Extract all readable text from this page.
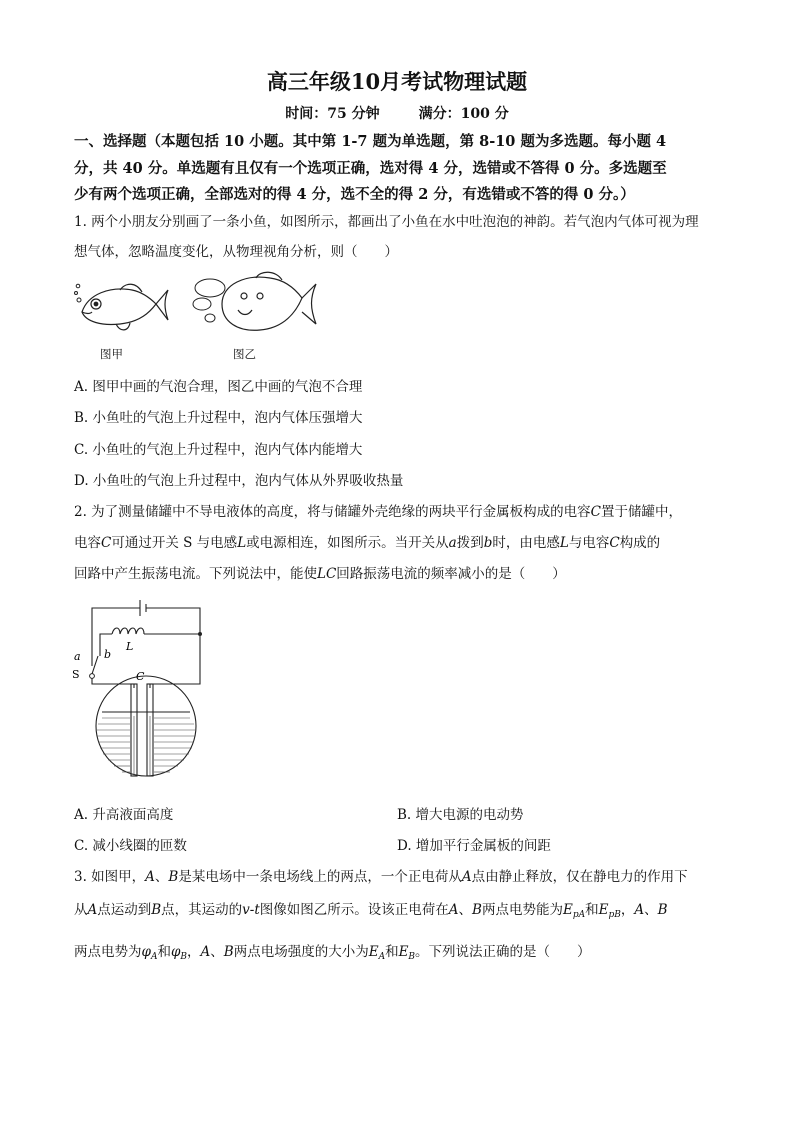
高三年级10月考试物理试题
时间：75 分钟        满分：100 分
一、选择题（本题包括 10 小题。其中第 1-7 题为单选题，第 8-10 题为多选题。每小题 4
分，共 40 分。单选题有且仅有一个选项正确，选对得 4 分，选错或不答得 0 分。多选题至
少有两个选项正确，全部选对的得 4 分，选不全的得 2 分，有选错或不答的得 0 分。）
1. 两个小朋友分别画了一条小鱼，如图所示，都画出了小鱼在水中吐泡泡的神韵。若气泡内气体可视为理
想气体，忽略温度变化，从物理视角分析，则（　　）
图甲	图乙
A. 图甲中画的气泡合理，图乙中画的气泡不合理
B. 小鱼吐的气泡上升过程中，泡内气体压强增大
C. 小鱼吐的气泡上升过程中，泡内气体内能增大
D. 小鱼吐的气泡上升过程中，泡内气体从外界吸收热量
2. 为了测量储罐中不导电液体的高度，将与储罐外壳绝缘的两块平行金属板构成的电容C置于储罐中，
电容C可通过开关 S 与电感L或电源相连，如图所示。当开关从a拨到b时，由电感L与电容C构成的
回路中产生振荡电流。下列说法中，能使LC回路振荡电流的频率减小的是（　　）
a b
L
S	C
A. 升高液面高度	B. 增大电源的电动势
C. 减小线圈的匝数	D. 增加平行金属板的间距
3. 如图甲，A、B是某电场中一条电场线上的两点，一个正电荷从A点由静止释放，仅在静电力的作用下
从A点运动到B点，其运动的v-t图像如图乙所示。设该正电荷在A、B两点电势能为$E_{pA}$和$E_{pB}$，A、B
两点电势为$\varphi_A$和$\varphi_B$，A、B两点电场强度的大小为$E_A$和$E_B$。下列说法正确的是（　　）
